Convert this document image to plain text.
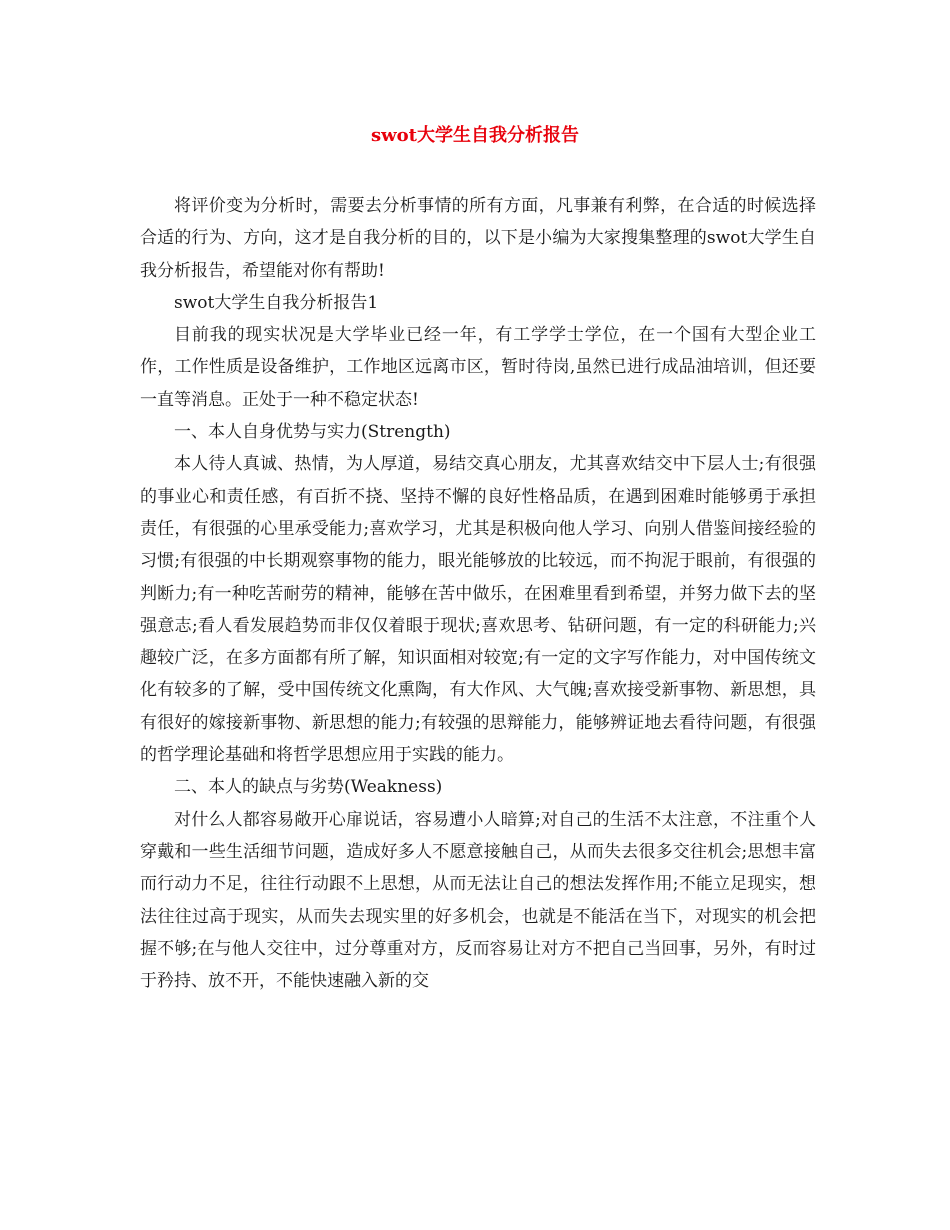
swot大学生自我分析报告

将评价变为分析时，需要去分析事情的所有方面，凡事兼有利弊，在合适的时候选择合适的行为、方向，这才是自我分析的目的，以下是小编为大家搜集整理的swot大学生自我分析报告，希望能对你有帮助!

swot大学生自我分析报告1

目前我的现实状况是大学毕业已经一年，有工学学士学位，在一个国有大型企业工作，工作性质是设备维护，工作地区远离市区，暂时待岗,虽然已进行成品油培训，但还要一直等消息。正处于一种不稳定状态!

一、本人自身优势与实力(Strength)

本人待人真诚、热情，为人厚道，易结交真心朋友，尤其喜欢结交中下层人士;有很强的事业心和责任感，有百折不挠、坚持不懈的良好性格品质，在遇到困难时能够勇于承担责任，有很强的心里承受能力;喜欢学习，尤其是积极向他人学习、向别人借鉴间接经验的习惯;有很强的中长期观察事物的能力，眼光能够放的比较远，而不拘泥于眼前，有很强的判断力;有一种吃苦耐劳的精神，能够在苦中做乐，在困难里看到希望，并努力做下去的坚强意志;看人看发展趋势而非仅仅着眼于现状;喜欢思考、钻研问题，有一定的科研能力;兴趣较广泛，在多方面都有所了解，知识面相对较宽;有一定的文字写作能力，对中国传统文化有较多的了解，受中国传统文化熏陶，有大作风、大气魄;喜欢接受新事物、新思想，具有很好的嫁接新事物、新思想的能力;有较强的思辩能力，能够辨证地去看待问题，有很强的哲学理论基础和将哲学思想应用于实践的能力。

二、本人的缺点与劣势(Weakness)

对什么人都容易敞开心扉说话，容易遭小人暗算;对自己的生活不太注意，不注重个人穿戴和一些生活细节问题，造成好多人不愿意接触自己，从而失去很多交往机会;思想丰富而行动力不足，往往行动跟不上思想，从而无法让自己的想法发挥作用;不能立足现实，想法往往过高于现实，从而失去现实里的好多机会，也就是不能活在当下，对现实的机会把握不够;在与他人交往中，过分尊重对方，反而容易让对方不把自己当回事，另外，有时过于矜持、放不开，不能快速融入新的交
